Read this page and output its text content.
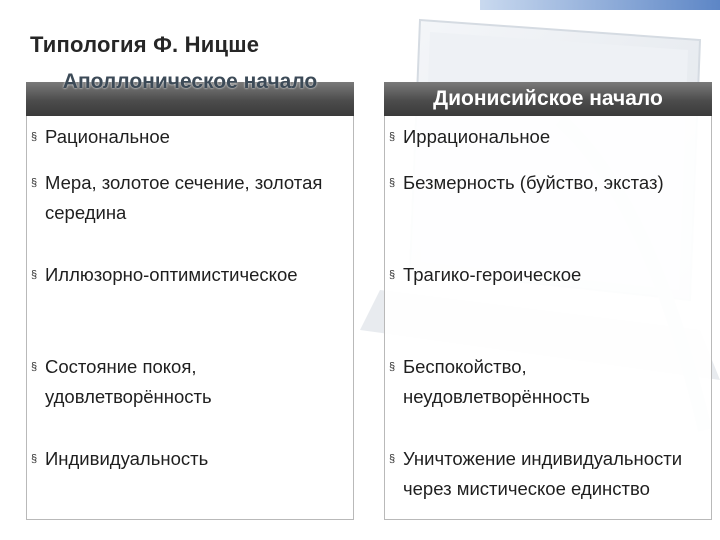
Типология Ф. Ницше
Аполлоническое начало
§ Рациональное
§ Мера, золотое сечение, золотая середина
§ Иллюзорно-оптимистическое
§ Состояние покоя, удовлетворённость
§ Индивидуальность
Дионисийское начало
§ Иррациональное
§ Безмерность (буйство, экстаз)
§ Трагико-героическое
§ Беспокойство, неудовлетворённость
§ Уничтожение индивидуальности через мистическое единство
